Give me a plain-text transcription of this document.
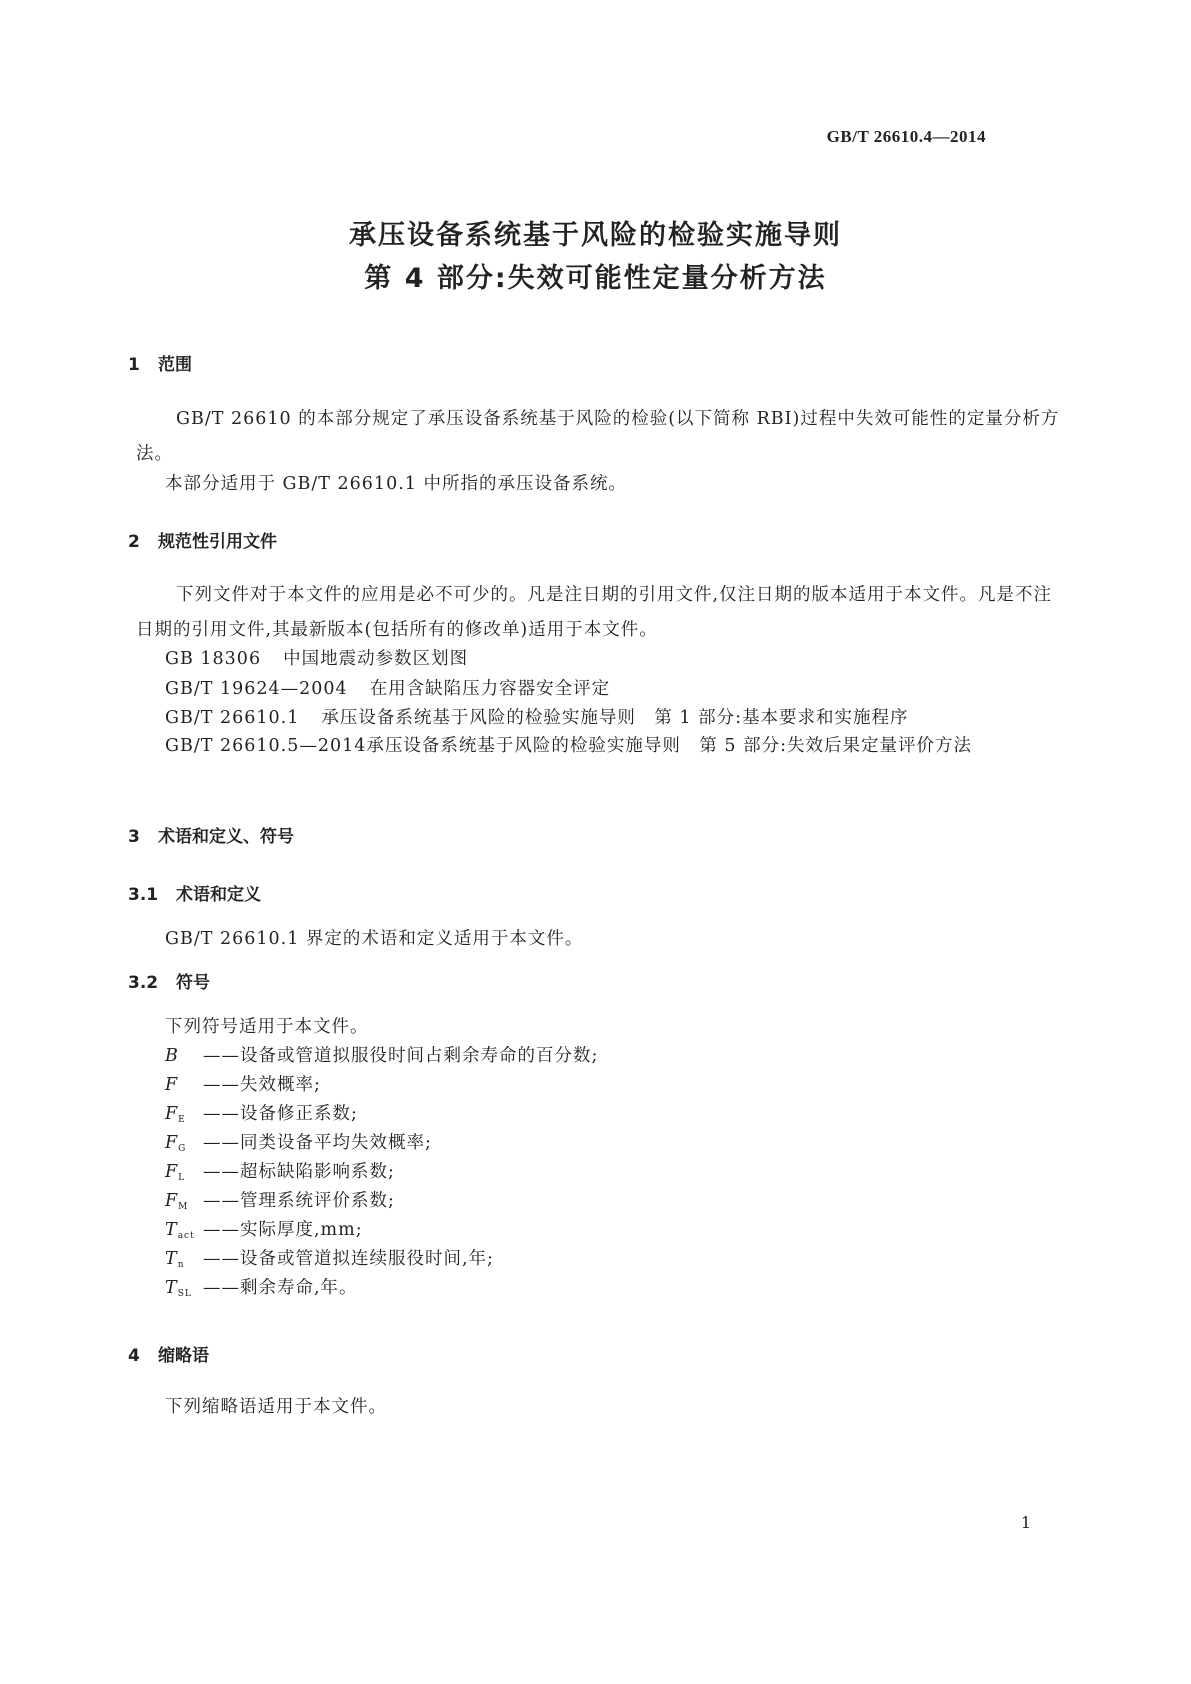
GB/T 26610.4—2014
承压设备系统基于风险的检验实施导则
第 4 部分:失效可能性定量分析方法
1 范围
GB/T 26610 的本部分规定了承压设备系统基于风险的检验(以下简称 RBI)过程中失效可能性的定量分析方法。
本部分适用于 GB/T 26610.1 中所指的承压设备系统。
2 规范性引用文件
下列文件对于本文件的应用是必不可少的。凡是注日期的引用文件,仅注日期的版本适用于本文件。凡是不注日期的引用文件,其最新版本(包括所有的修改单)适用于本文件。
GB 18306 中国地震动参数区划图
GB/T 19624—2004 在用含缺陷压力容器安全评定
GB/T 26610.1 承压设备系统基于风险的检验实施导则　第 1 部分:基本要求和实施程序
GB/T 26610.5—2014承压设备系统基于风险的检验实施导则　第 5 部分:失效后果定量评价方法
3 术语和定义、符号
3.1 术语和定义
GB/T 26610.1 界定的术语和定义适用于本文件。
3.2 符号
下列符号适用于本文件。
B ——设备或管道拟服役时间占剩余寿命的百分数;
F ——失效概率;
$F_E$ ——设备修正系数;
$F_G$ ——同类设备平均失效概率;
$F_L$ ——超标缺陷影响系数;
$F_M$ ——管理系统评价系数;
$T_{act}$ ——实际厚度,mm;
$T_n$ ——设备或管道拟连续服役时间,年;
$T_{SL}$ ——剩余寿命,年。
4 缩略语
下列缩略语适用于本文件。
1
